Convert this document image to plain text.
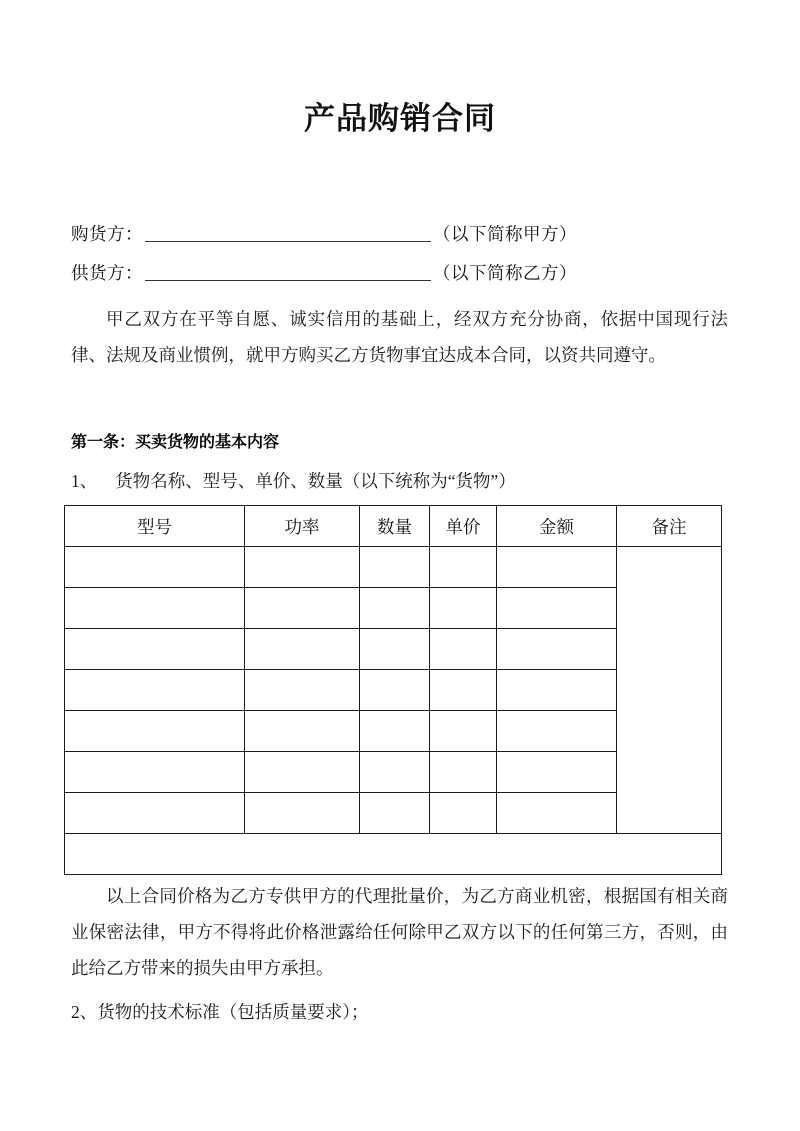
产品购销合同
购货方：	（以下简称甲方）
供货方：	（以下简称乙方）
甲乙双方在平等自愿、诚实信用的基础上，经双方充分协商，依据中国现行法律、法规及商业惯例，就甲方购买乙方货物事宜达成本合同，以资共同遵守。
第一条：买卖货物的基本内容
1、 货物名称、型号、单价、数量（以下统称为“货物”）
型号	功率	数量	单价	金额	备注

以上合同价格为乙方专供甲方的代理批量价，为乙方商业机密，根据国有相关商业保密法律，甲方不得将此价格泄露给任何除甲乙双方以下的任何第三方，否则，由此给乙方带来的损失由甲方承担。
2、货物的技术标准（包括质量要求）；
